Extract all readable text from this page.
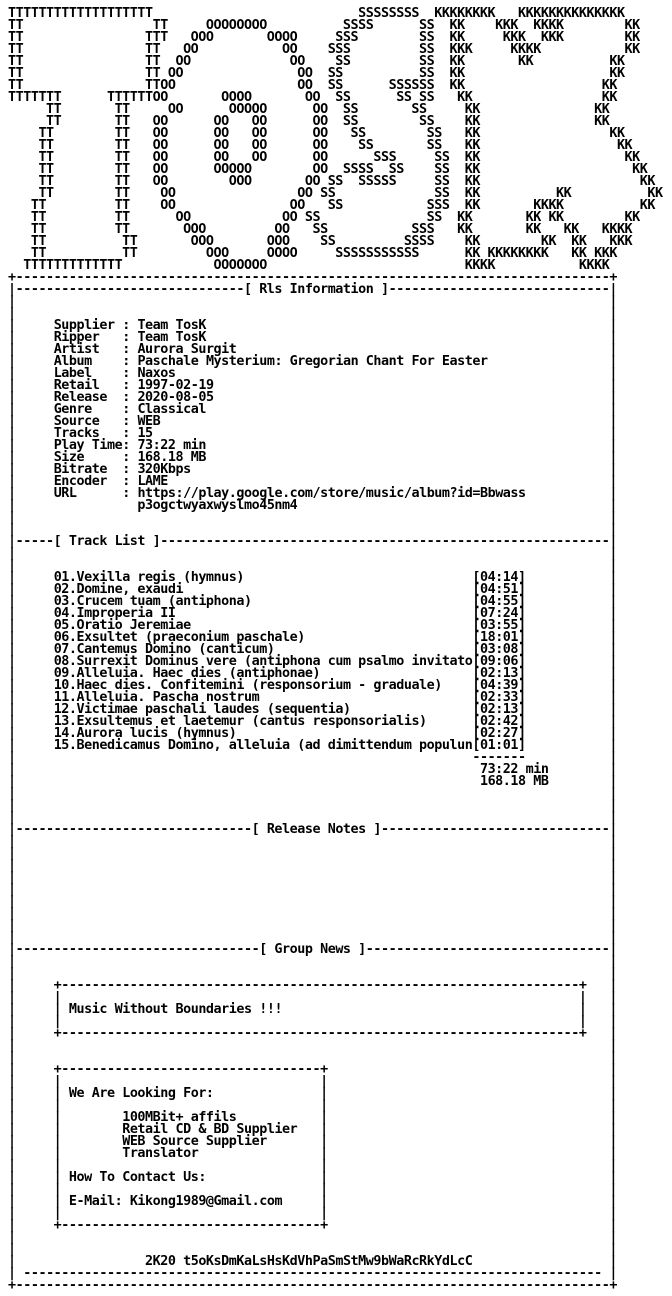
TTTTTTTTTTTTTTTTTTT                           SSSSSSSS  KKKKKKKK   KKKKKKKKKKKKKK
TT                 TT     OOOOOOOO          SSSS      SS  KK    KKK  KKKK        KK
TT                TTT   OOO       OOOO     SSS        SS  KK     KKK  KKK        KK
TT                TT   OO           OO    SSS         SS  KKK     KKKK           KK
TT                TT  OO             OO    SS         SS  KK       KK          KK
TT                TT OO               OO  SS          SS  KK                   KK
TT                TTOO                OO  SS      SSSSSS  KK                  KK
TTTTTTT      TTTTTTOO       OOOO       OO  SS      SS SS   KK                 KK
TT       TT     OO      OOOOO      OO  SS       SS     KK               KK
TT       TT   OO      OO   OO      OO  SS        SS    KK               KK
TT        TT   OO      OO   OO      OO   SS        SS   KK                 KK
TT        TT   OO      OO   OO      OO    SS       SS   KK                  KK
TT        TT   OO      OO   OO      OO      SSS     SS  KK                   KK
TT        TT   OO      OOOOO        OO  SSSS  SS    SS  KK                    KK
TT        TT   OO        OOO       OO SS  SSSSS     SS  KK                     KK
TT        TT    OO                OO SS             SS  KK          KK          KK
TT         TT    OO               OO   SS           SSS  KK       KKKK          KK
TT         TT      OO            OO SS              SS  KK       KK KK        KK
TT         TT       OOO         OO   SS           SSS   KK       KK   KK   KKKK
TT          TT       OOO       OOO    SS         SSSS    KK        KK  KK   KKK
TT          TT         OOO     OOOO     SSSSSSSSSSS      KK KKKKKKKK   KK KKK
TTTTTTTTTTTTT            OOOOOOO                          KKKK           KKKK
+------------------------------------------------------------------------------+
|------------------------------[ Rls Information ]-----------------------------|
|                                                                              |
|                                                                              |
|	Supplier : Team TosK                                                     |
|	Ripper   : Team TosK                                                     |
|	Artist   : Aurora Surgit                                                 |
|	Album    : Paschale Mysterium: Gregorian Chant For Easter                |
|	Label    : Naxos                                                         |
|	Retail   : 1997-02-19                                                    |
|	Release  : 2020-08-05                                                    |
|	Genre    : Classical                                                     |
|	Source   : WEB                                                           |
|	Tracks   : 15                                                            |
|	Play Time: 73:22 min                                                     |
|	Size     : 168.18 MB                                                     |
|	Bitrate  : 320Kbps                                                       |
|	Encoder  : LAME                                                          |
|	URL      : https://play.google.com/store/music/album?id=Bbwass           |
|	p3ogctwyaxwyslmo45nm4                                         |
|                                                                              |
|                                                                              |
|-----[ Track List ]-----------------------------------------------------------|
|                                                                              |
|                                                                              |
|	01.Vexilla regis (hymnus)	[04:14]           |
|	02.Domine, exaudi	[04:51]           |
|	03.Crucem tuam (antiphona)	[04:55]           |
|	04.Improperia II	[07:24]           |
|	05.Oratio Jeremiae	[03:55]           |
|	06.Exsultet (praeconium paschale)	[18:01]           |
|	07.Cantemus Domino (canticum)	[03:08]           |
|	08.Surrexit Dominus vere (antiphona cum psalmo invitato[09:06]           |
|	09.Alleluia. Haec dies (antiphonae)	[02:13]           |
|	10.Haec dies. Confitemini (responsorium - graduale) [04:39]           |
|	11.Alleluia. Pascha nostrum	[02:33]           |
|	12.Victimae paschali laudes (sequentia)	[02:13]           |
|	13.Exsultemus et laetemur (cantus responsorialis)	[02:42]           |
|	14.Aurora lucis (hymnus)	[02:27]           |
|	15.Benedicamus Domino, alleluia (ad dimittendum populun[01:01]           |
|	-------           |
|	73:22 min        |
|	168.18 MB        |
|                                                                              |
|                                                                              |
|                                                                              |
|-------------------------------[ Release Notes ]------------------------------|
|                                                                              |
|                                                                              |
|                                                                              |
|                                                                              |
|                                                                              |
|                                                                              |
|                                                                              |
|                                                                              |
|                                                                              |
|--------------------------------[ Group News ]--------------------------------|
|                                                                              |
|                                                                              |
|     +--------------------------------------------------------------------+   |
|     |                                                                    |   |
|     | Music Without Boundaries !!!                                       |   |
|     |                                                                    |   |
|     +--------------------------------------------------------------------+   |
|                                                                              |
|                                                                              |
|     +----------------------------------+                                     |
|     |                                  |                                     |
|     | We Are Looking For:              |                                     |
|     |                                  |                                     |
|     |	100MBit+ affils           |                                     |
|     |	Retail CD & BD Supplier   |                                     |
|     |	WEB Source Supplier       |                                     |
|     |	Translator                |                                     |
|     |                                  |                                     |
|     | How To Contact Us:               |                                     |
|     |                                  |                                     |
|     | E-Mail: Kikong1989@Gmail.com     |                                     |
|     |                                  |                                     |
|     +----------------------------------+                                     |
|                                                                              |
|                                                                              |
|	2K20 t5oKsDmKaLsHsKdVhPaSmStMw9bWaRcRkYdLcC                  |
| ---------------------------------------------------------------------------- |
+------------------------------------------------------------------------------+
